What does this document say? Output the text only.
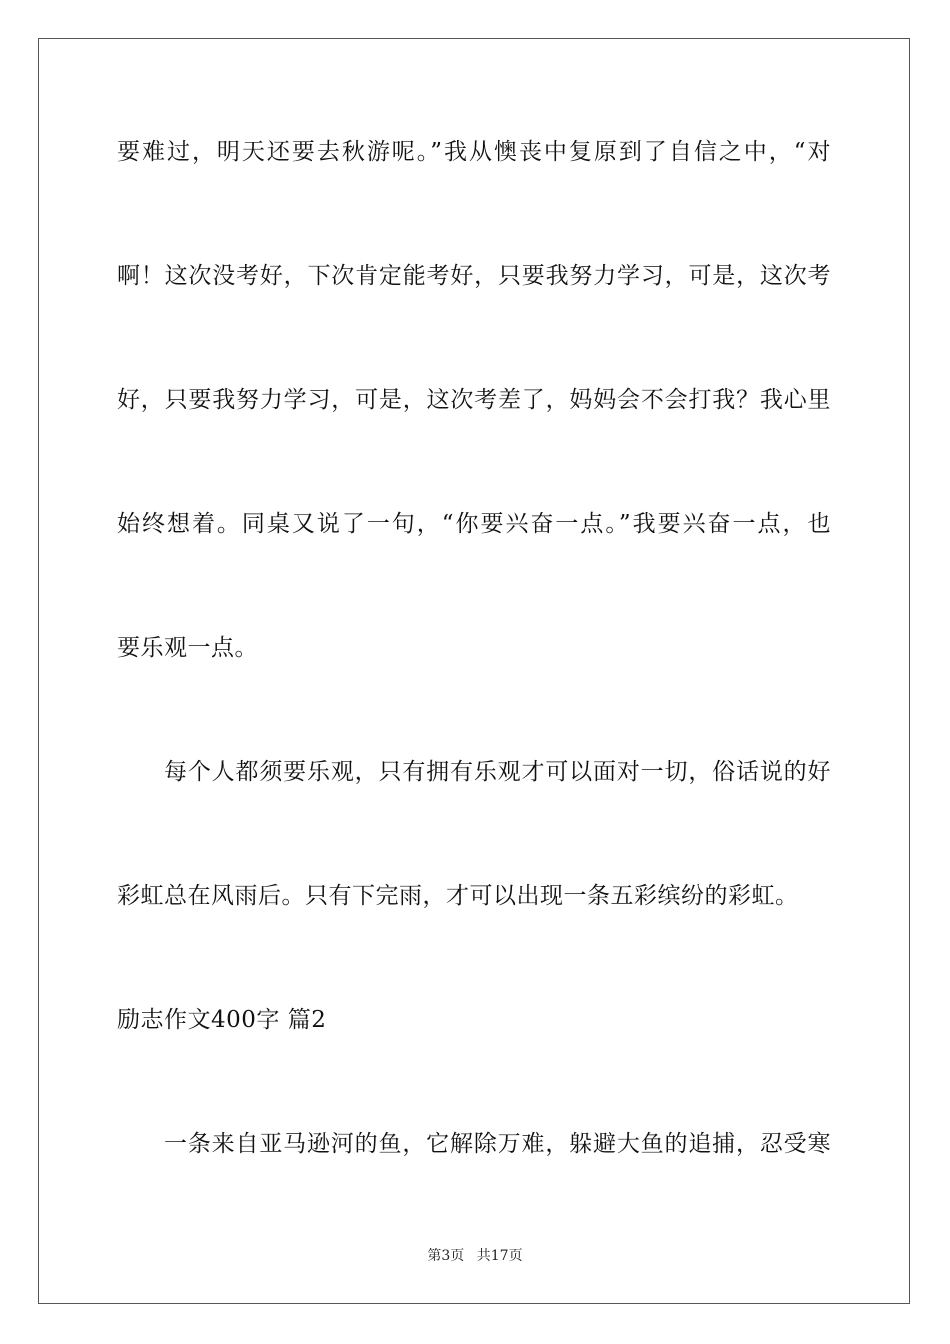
要难过，明天还要去秋游呢。”我从懊丧中复原到了自信之中，“对
啊！这次没考好，下次肯定能考好，只要我努力学习，可是，这次考
好，只要我努力学习，可是，这次考差了，妈妈会不会打我？我心里
始终想着。同桌又说了一句，“你要兴奋一点。”我要兴奋一点，也
要乐观一点。
每个人都须要乐观，只有拥有乐观才可以面对一切，俗话说的好
彩虹总在风雨后。只有下完雨，才可以出现一条五彩缤纷的彩虹。
励志作文400字 篇2
一条来自亚马逊河的鱼，它解除万难，躲避大鱼的追捕，忍受寒
第3页 共17页
